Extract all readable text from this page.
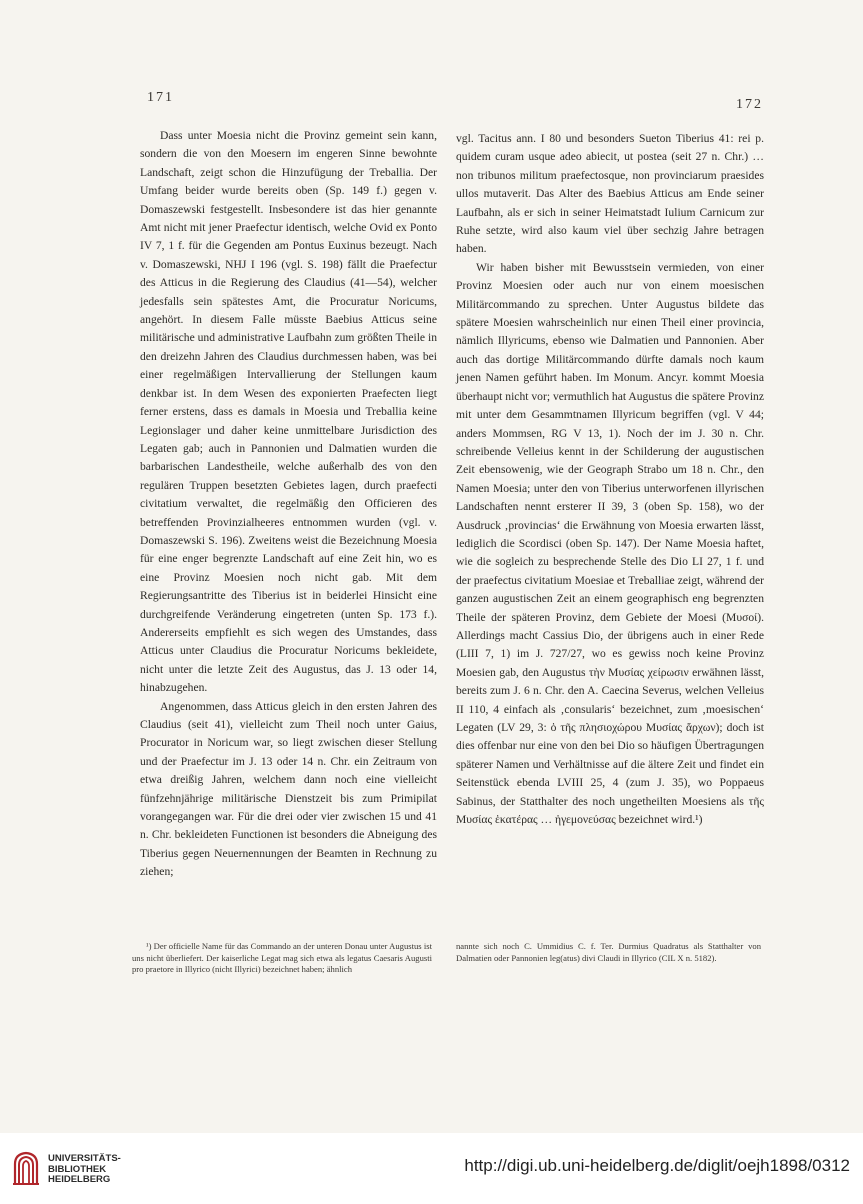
171	172

Dass unter Moesia nicht die Provinz gemeint sein kann, sondern die von den Moesern im engeren Sinne bewohnte Landschaft, zeigt schon die Hinzufügung der Treballia. Der Umfang beider wurde bereits oben (Sp. 149 f.) gegen v. Domaszewski festgestellt. Insbesondere ist das hier genannte Amt nicht mit jener Praefectur identisch, welche Ovid ex Ponto IV 7, 1 f. für die Gegenden am Pontus Euxinus bezeugt. Nach v. Domaszewski, NHJ I 196 (vgl. S. 198) fällt die Praefectur des Atticus in die Regierung des Claudius (41—54), welcher jedesfalls sein spätestes Amt, die Procuratur Noricums, angehört. In diesem Falle müsste Baebius Atticus seine militärische und administrative Laufbahn zum größten Theile in den dreizehn Jahren des Claudius durchmessen haben, was bei einer regelmäßigen Intervallierung der Stellungen kaum denkbar ist. In dem Wesen des exponierten Praefecten liegt ferner erstens, dass es damals in Moesia und Treballia keine Legionslager und daher keine unmittelbare Jurisdiction des Legaten gab; auch in Pannonien und Dalmatien wurden die barbarischen Landestheile, welche außerhalb des von den regulären Truppen besetzten Gebietes lagen, durch praefecti civitatium verwaltet, die regelmäßig den Officieren des betreffenden Provinzialheeres entnommen wurden (vgl. v. Domaszewski S. 196). Zweitens weist die Bezeichnung Moesia für eine enger begrenzte Landschaft auf eine Zeit hin, wo es eine Provinz Moesien noch nicht gab. Mit dem Regierungsantritte des Tiberius ist in beiderlei Hinsicht eine durchgreifende Veränderung eingetreten (unten Sp. 173 f.). Andererseits empfiehlt es sich wegen des Umstandes, dass Atticus unter Claudius die Procuratur Noricums bekleidete, nicht unter die letzte Zeit des Augustus, das J. 13 oder 14, hinabzugehen.

Angenommen, dass Atticus gleich in den ersten Jahren des Claudius (seit 41), vielleicht zum Theil noch unter Gaius, Procurator in Noricum war, so liegt zwischen dieser Stellung und der Praefectur im J. 13 oder 14 n. Chr. ein Zeitraum von etwa dreißig Jahren, welchem dann noch eine vielleicht fünfzehnjährige militärische Dienstzeit bis zum Primipilat vorangegangen war. Für die drei oder vier zwischen 15 und 41 n. Chr. bekleideten Functionen ist besonders die Abneigung des Tiberius gegen Neuernennungen der Beamten in Rechnung zu ziehen;

vgl. Tacitus ann. I 80 und besonders Sueton Tiberius 41: rei p. quidem curam usque adeo abiecit, ut postea (seit 27 n. Chr.) … non tribunos militum praefectosque, non provinciarum praesides ullos mutaverit. Das Alter des Baebius Atticus am Ende seiner Laufbahn, als er sich in seiner Heimatstadt Iulium Carnicum zur Ruhe setzte, wird also kaum viel über sechzig Jahre betragen haben.

Wir haben bisher mit Bewusstsein vermieden, von einer Provinz Moesien oder auch nur von einem moesischen Militärcommando zu sprechen. Unter Augustus bildete das spätere Moesien wahrscheinlich nur einen Theil einer provincia, nämlich Illyricums, ebenso wie Dalmatien und Pannonien. Aber auch das dortige Militärcommando dürfte damals noch kaum jenen Namen geführt haben. Im Monum. Ancyr. kommt Moesia überhaupt nicht vor; vermuthlich hat Augustus die spätere Provinz mit unter dem Gesammtnamen Illyricum begriffen (vgl. V 44; anders Mommsen, RG V 13, 1). Noch der im J. 30 n. Chr. schreibende Velleius kennt in der Schilderung der augustischen Zeit ebensowenig, wie der Geograph Strabo um 18 n. Chr., den Namen Moesia; unter den von Tiberius unterworfenen illyrischen Landschaften nennt ersterer II 39, 3 (oben Sp. 158), wo der Ausdruck ‚provincias‘ die Erwähnung von Moesia erwarten lässt, lediglich die Scordisci (oben Sp. 147). Der Name Moesia haftet, wie die sogleich zu besprechende Stelle des Dio LI 27, 1 f. und der praefectus civitatium Moesiae et Treballiae zeigt, während der ganzen augustischen Zeit an einem geographisch eng begrenzten Theile der späteren Provinz, dem Gebiete der Moesi (Μυσοί). Allerdings macht Cassius Dio, der übrigens auch in einer Rede (LIII 7, 1) im J. 727/27, wo es gewiss noch keine Provinz Moesien gab, den Augustus τὴν Μυσίας χείρωσιν erwähnen lässt, bereits zum J. 6 n. Chr. den A. Caecina Severus, welchen Velleius II 110, 4 einfach als ‚consularis‘ bezeichnet, zum ‚moesischen‘ Legaten (LV 29, 3: ὁ τῆς πλησιοχώρου Μυσίας ἄρχων); doch ist dies offenbar nur eine von den bei Dio so häufigen Übertragungen späterer Namen und Verhältnisse auf die ältere Zeit und findet ein Seitenstück ebenda LVIII 25, 4 (zum J. 35), wo Poppaeus Sabinus, der Statthalter des noch ungetheilten Moesiens als τῆς Μυσίας ἑκατέρας … ἡγεμονεύσας bezeichnet wird.¹)

¹) Der officielle Name für das Commando an der unteren Donau unter Augustus ist uns nicht überliefert. Der kaiserliche Legat mag sich etwa als legatus Caesaris Augusti pro praetore in Illyrico (nicht Illyrici) bezeichnet haben; ähnlich
nannte sich noch C. Ummidius C. f. Ter. Durmius Quadratus als Statthalter von Dalmatien oder Pannonien leg(atus) divi Claudi in Illyrico (CIL X n. 5182).
UNIVERSITÄTS-
BIBLIOTHEK
HEIDELBERG
http://digi.ub.uni-heidelberg.de/diglit/oejh1898/0312
